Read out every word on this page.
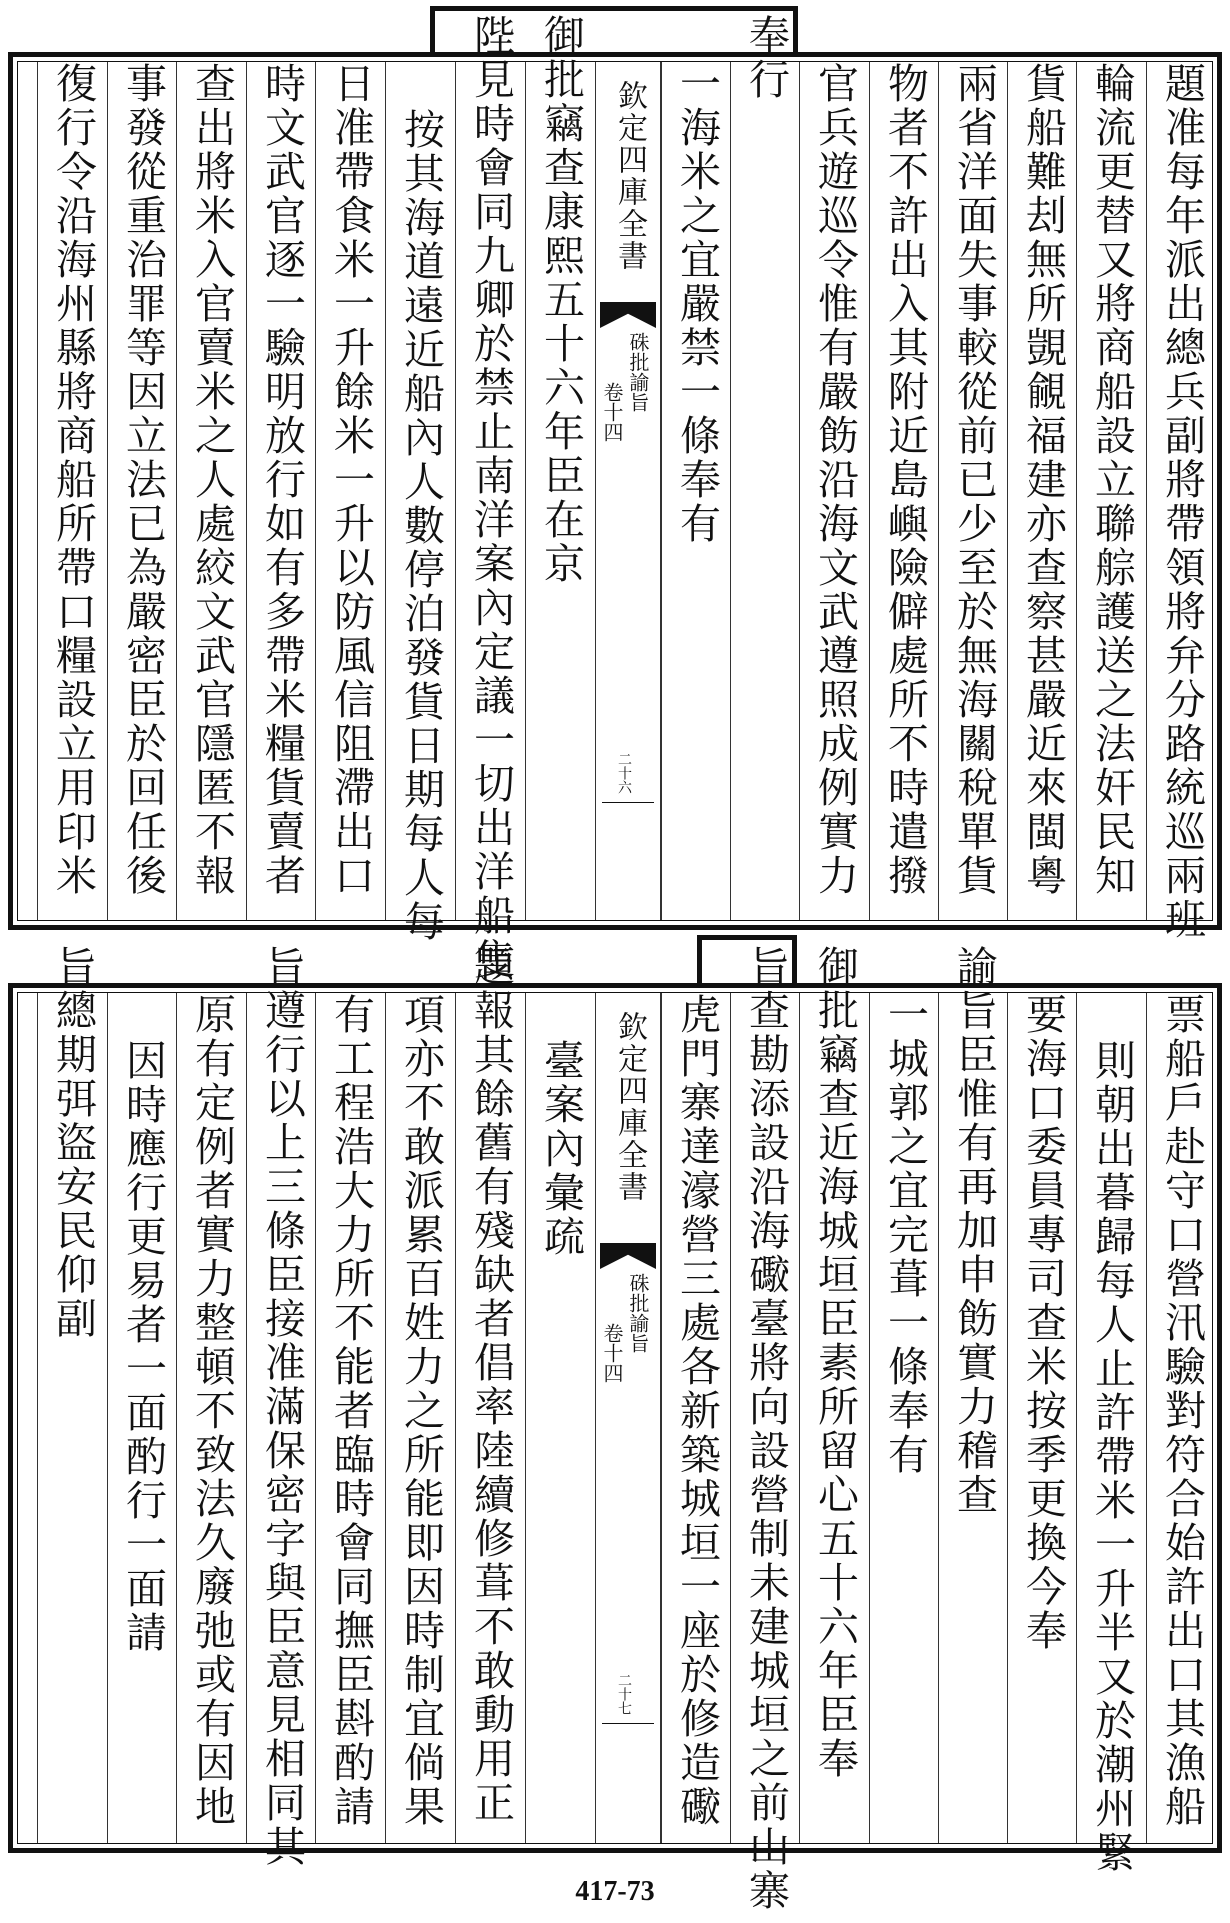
題准每年派出總兵副將帶領將弁分路統巡兩班
輪流更替又將商船設立聯䑸護送之法奸民知
貨船難刦無所覬覦福建亦查察甚嚴近來閩粵
兩省洋面失事較從前已少至於無海關稅單貨
物者不許出入其附近島嶼險僻處所不時遣撥
官兵遊巡令惟有嚴飭沿海文武遵照成例實力
奉行
一海米之宜嚴禁一條奉有
欽定四庫全書
硃批諭旨
卷十四
二十六
御批竊查康熙五十六年臣在京
陛見時會同九卿於禁止南洋案內定議一切出洋船隻
按其海道遠近船內人數停泊發貨日期每人每
日准帶食米一升餘米一升以防風信阻滯出口
時文武官逐一驗明放行如有多帶米糧貨賣者
查出將米入官賣米之人處絞文武官隱匿不報
事發從重治罪等因立法已為嚴密臣於回任後
復行令沿海州縣將商船所帶口糧設立用印米
票船戶赴守口營汛驗對符合始許出口其漁船
則朝出暮歸每人止許帶米一升半又於潮州緊
要海口委員專司查米按季更換今奉
諭旨臣惟有再加申飭實力稽查
一城郭之宜完葺一條奉有
御批竊查近海城垣臣素所留心五十六年臣奉
旨查勘添設沿海礮臺將向設營制未建城垣之前山寨
虎門寨達濠營三處各新築城垣一座於修造礮
欽定四庫全書
硃批諭旨
卷十四
二十七
臺案內彙疏
題報其餘舊有殘缺者倡率陸續修葺不敢動用正
項亦不敢派累百姓力之所能即因時制宜倘果
有工程浩大力所不能者臨時會同撫臣斟酌請
旨遵行以上三條臣接准滿保密字與臣意見相同其
原有定例者實力整頓不致法久廢弛或有因地
因時應行更易者一面酌行一面請
旨總期弭盜安民仰副
417-73
